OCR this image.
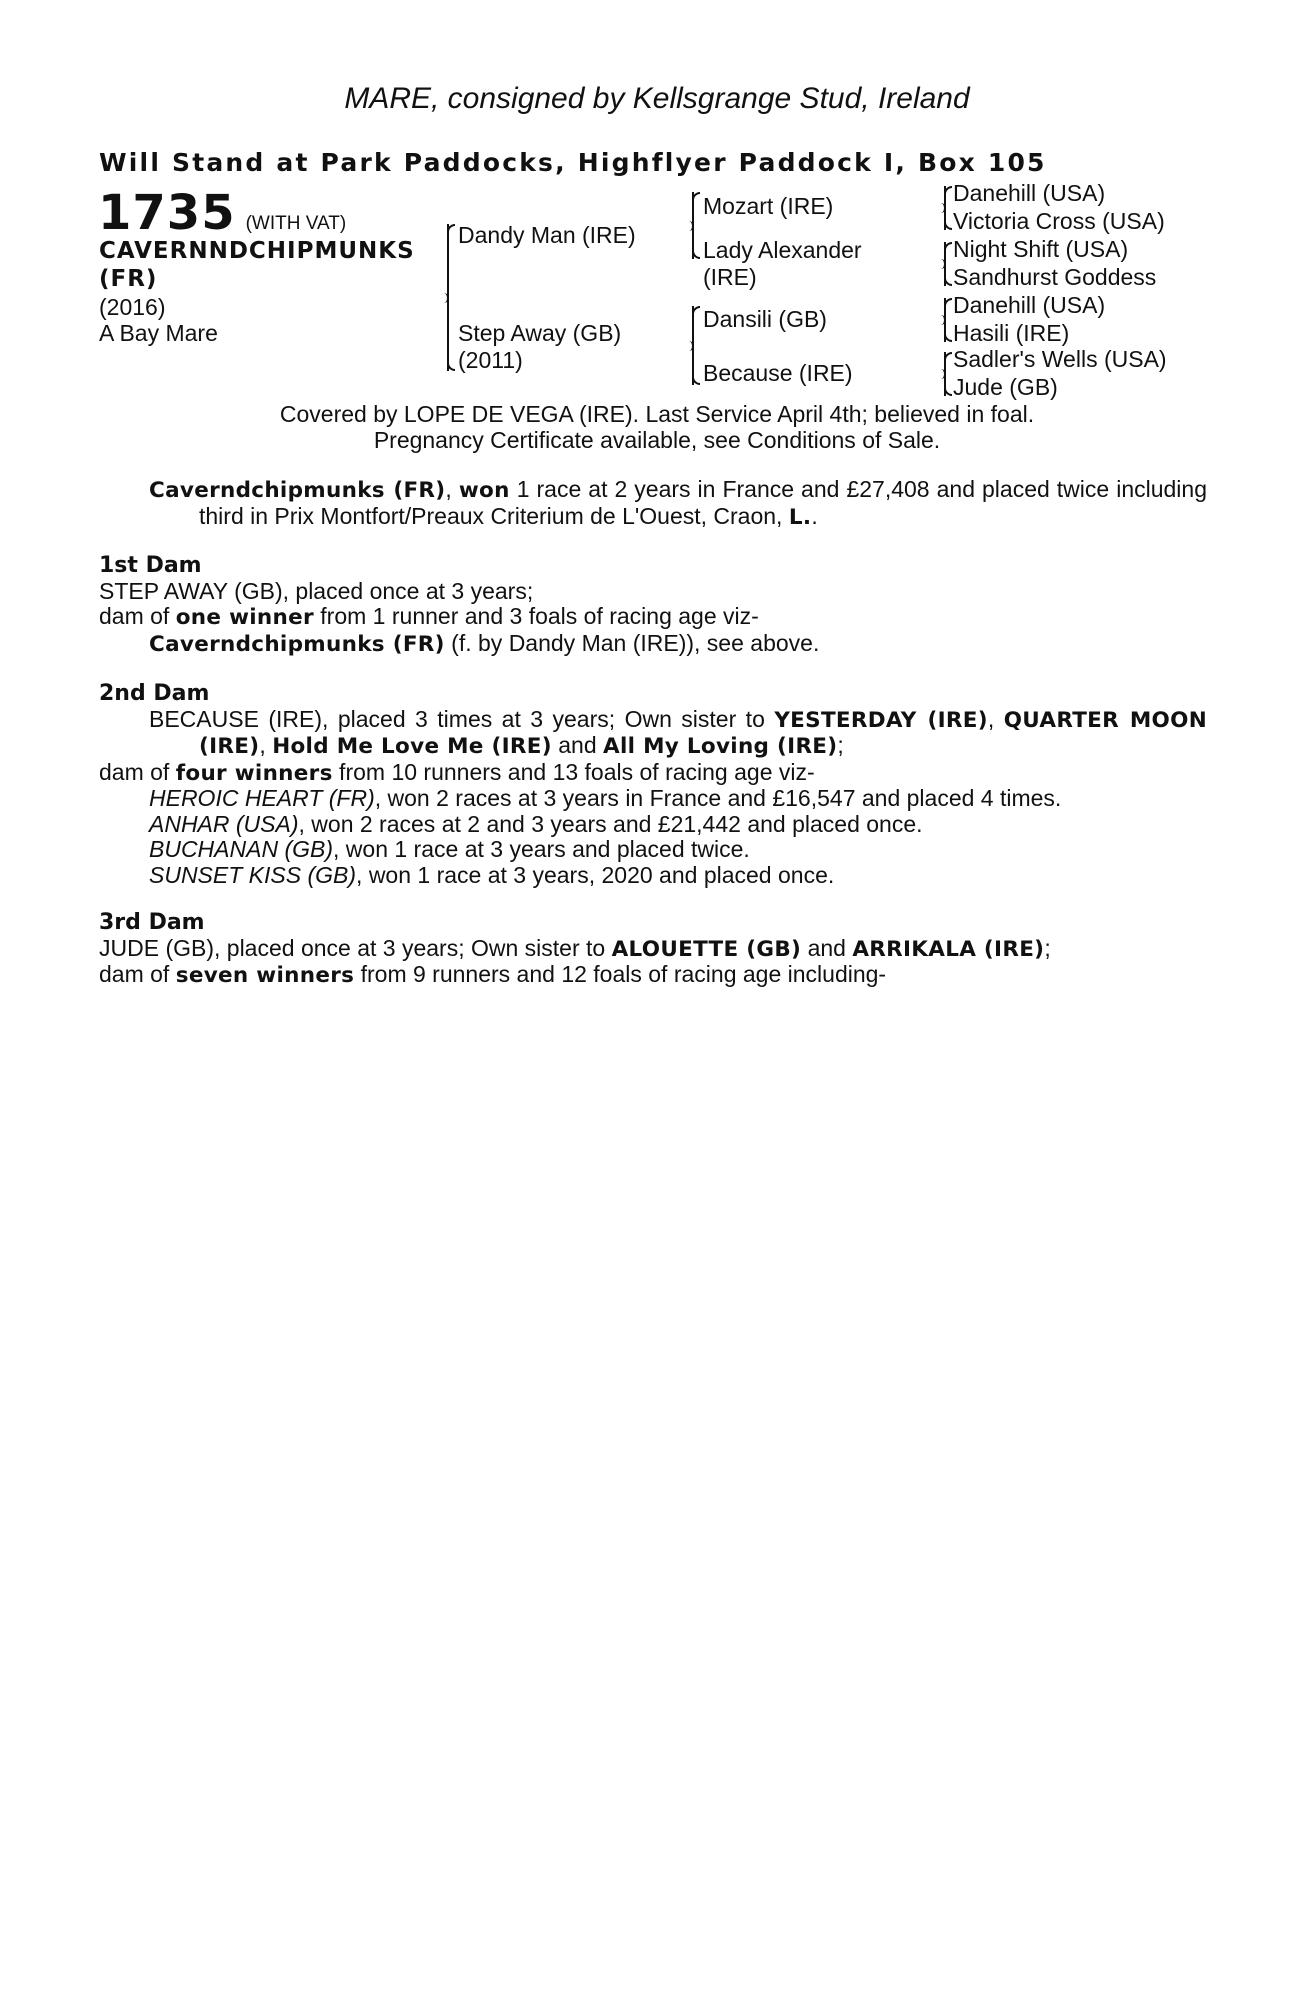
MARE, consigned by Kellsgrange Stud, Ireland
Will Stand at Park Paddocks, Highflyer Paddock I, Box 105
1735 (WITH VAT)
CAVERNNDCHIPMUNKS
(FR)
(2016)
A Bay Mare
Dandy Man (IRE)
Step Away (GB)
(2011)
Mozart (IRE)
Lady Alexander
(IRE)
Dansili (GB)
Because (IRE)
Danehill (USA)
Victoria Cross (USA)
Night Shift (USA)
Sandhurst Goddess
Danehill (USA)
Hasili (IRE)
Sadler's Wells (USA)
Jude (GB)
Covered by LOPE DE VEGA (IRE). Last Service April 4th; believed in foal.
Pregnancy Certificate available, see Conditions of Sale.

Caverndchipmunks (FR), won 1 race at 2 years in France and £27,408 and placed twice including third in Prix Montfort/Preaux Criterium de L'Ouest, Craon, L..

1st Dam

STEP AWAY (GB), placed once at 3 years;

dam of one winner from 1 runner and 3 foals of racing age viz-

Caverndchipmunks (FR) (f. by Dandy Man (IRE)), see above.

2nd Dam

BECAUSE (IRE), placed 3 times at 3 years; Own sister to YESTERDAY (IRE), QUARTER MOON (IRE), Hold Me Love Me (IRE) and All My Loving (IRE);

dam of four winners from 10 runners and 13 foals of racing age viz-

HEROIC HEART (FR), won 2 races at 3 years in France and £16,547 and placed 4 times.

ANHAR (USA), won 2 races at 2 and 3 years and £21,442 and placed once.

BUCHANAN (GB), won 1 race at 3 years and placed twice.

SUNSET KISS (GB), won 1 race at 3 years, 2020 and placed once.

3rd Dam

JUDE (GB), placed once at 3 years; Own sister to ALOUETTE (GB) and ARRIKALA (IRE);

dam of seven winners from 9 runners and 12 foals of racing age including-
